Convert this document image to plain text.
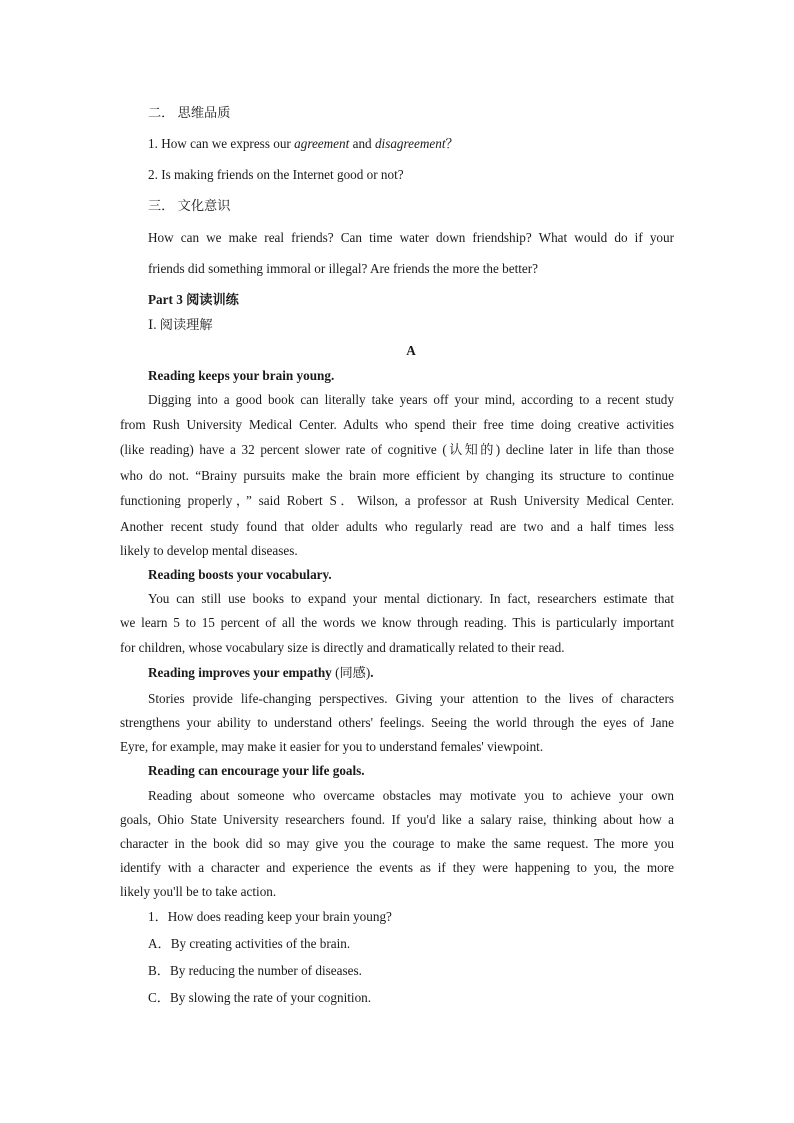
二． 思维品质
1. How can we express our agreement and disagreement？
2. Is making friends on the Internet good or not?
三． 文化意识
How can we make real friends? Can time water down friendship? What would do if your
friends did something immoral or illegal? Are friends the more the better?
Part 3 阅读训练
Ⅰ. 阅读理解
A
Reading keeps your brain young.
Digging into a good book can literally take years off your mind, according to a recent study
from Rush University Medical Center. Adults who spend their free time doing creative activities
(like reading) have a 32 percent slower rate of cognitive (认知的) decline later in life than those
who do not. “Brainy pursuits make the brain more efficient by changing its structure to continue
functioning properly，” said Robert S．Wilson, a professor at Rush University Medical Center.
Another recent study found that older adults who regularly read are two and a half times less
likely to develop mental diseases.
Reading boosts your vocabulary.
You can still use books to expand your mental dictionary. In fact, researchers estimate that
we learn 5 to 15 percent of all the words we know through reading. This is particularly important
for children, whose vocabulary size is directly and dramatically related to their read.
Reading improves your empathy (同感).
Stories provide life-changing perspectives. Giving your attention to the lives of characters
strengthens your ability to understand others' feelings. Seeing the world through the eyes of Jane
Eyre, for example, may make it easier for you to understand females' viewpoint.
Reading can encourage your life goals.
Reading about someone who overcame obstacles may motivate you to achieve your own
goals, Ohio State University researchers found. If you'd like a salary raise, thinking about how a
character in the book did so may give you the courage to make the same request. The more you
identify with a character and experience the events as if they were happening to you, the more
likely you'll be to take action.
1．How does reading keep your brain young?
A．By creating activities of the brain.
B．By reducing the number of diseases.
C．By slowing the rate of your cognition.
